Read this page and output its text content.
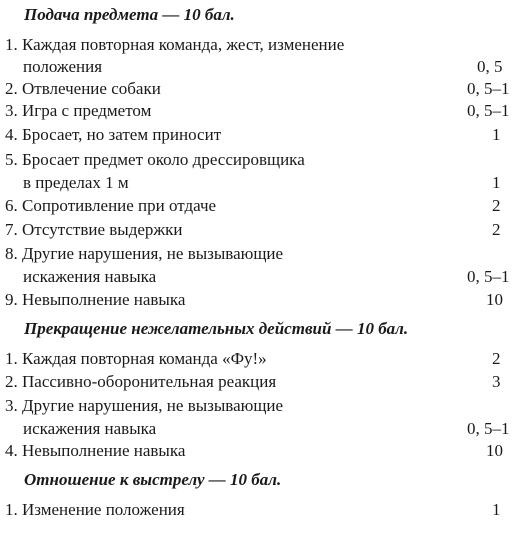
Подача предмета — 10 бал.
1. Каждая повторная команда, жест, изменение
положения	0, 5
2. Отвлечение собаки	0, 5–1
3. Игра с предметом	0, 5–1
4. Бросает, но затем приносит	1
5. Бросает предмет около дрессировщика
в пределах 1 м	1
6. Сопротивление при отдаче	2
7. Отсутствие выдержки	2
8. Другие нарушения, не вызывающие
искажения навыка	0, 5–1
9. Невыполнение навыка	10
Прекращение нежелательных действий — 10 бал.
1. Каждая повторная команда «Фу!»	2
2. Пассивно-оборонительная реакция	3
3. Другие нарушения, не вызывающие
искажения навыка	0, 5–1
4. Невыполнение навыка	10
Отношение к выстрелу — 10 бал.
1. Изменение положения	1
